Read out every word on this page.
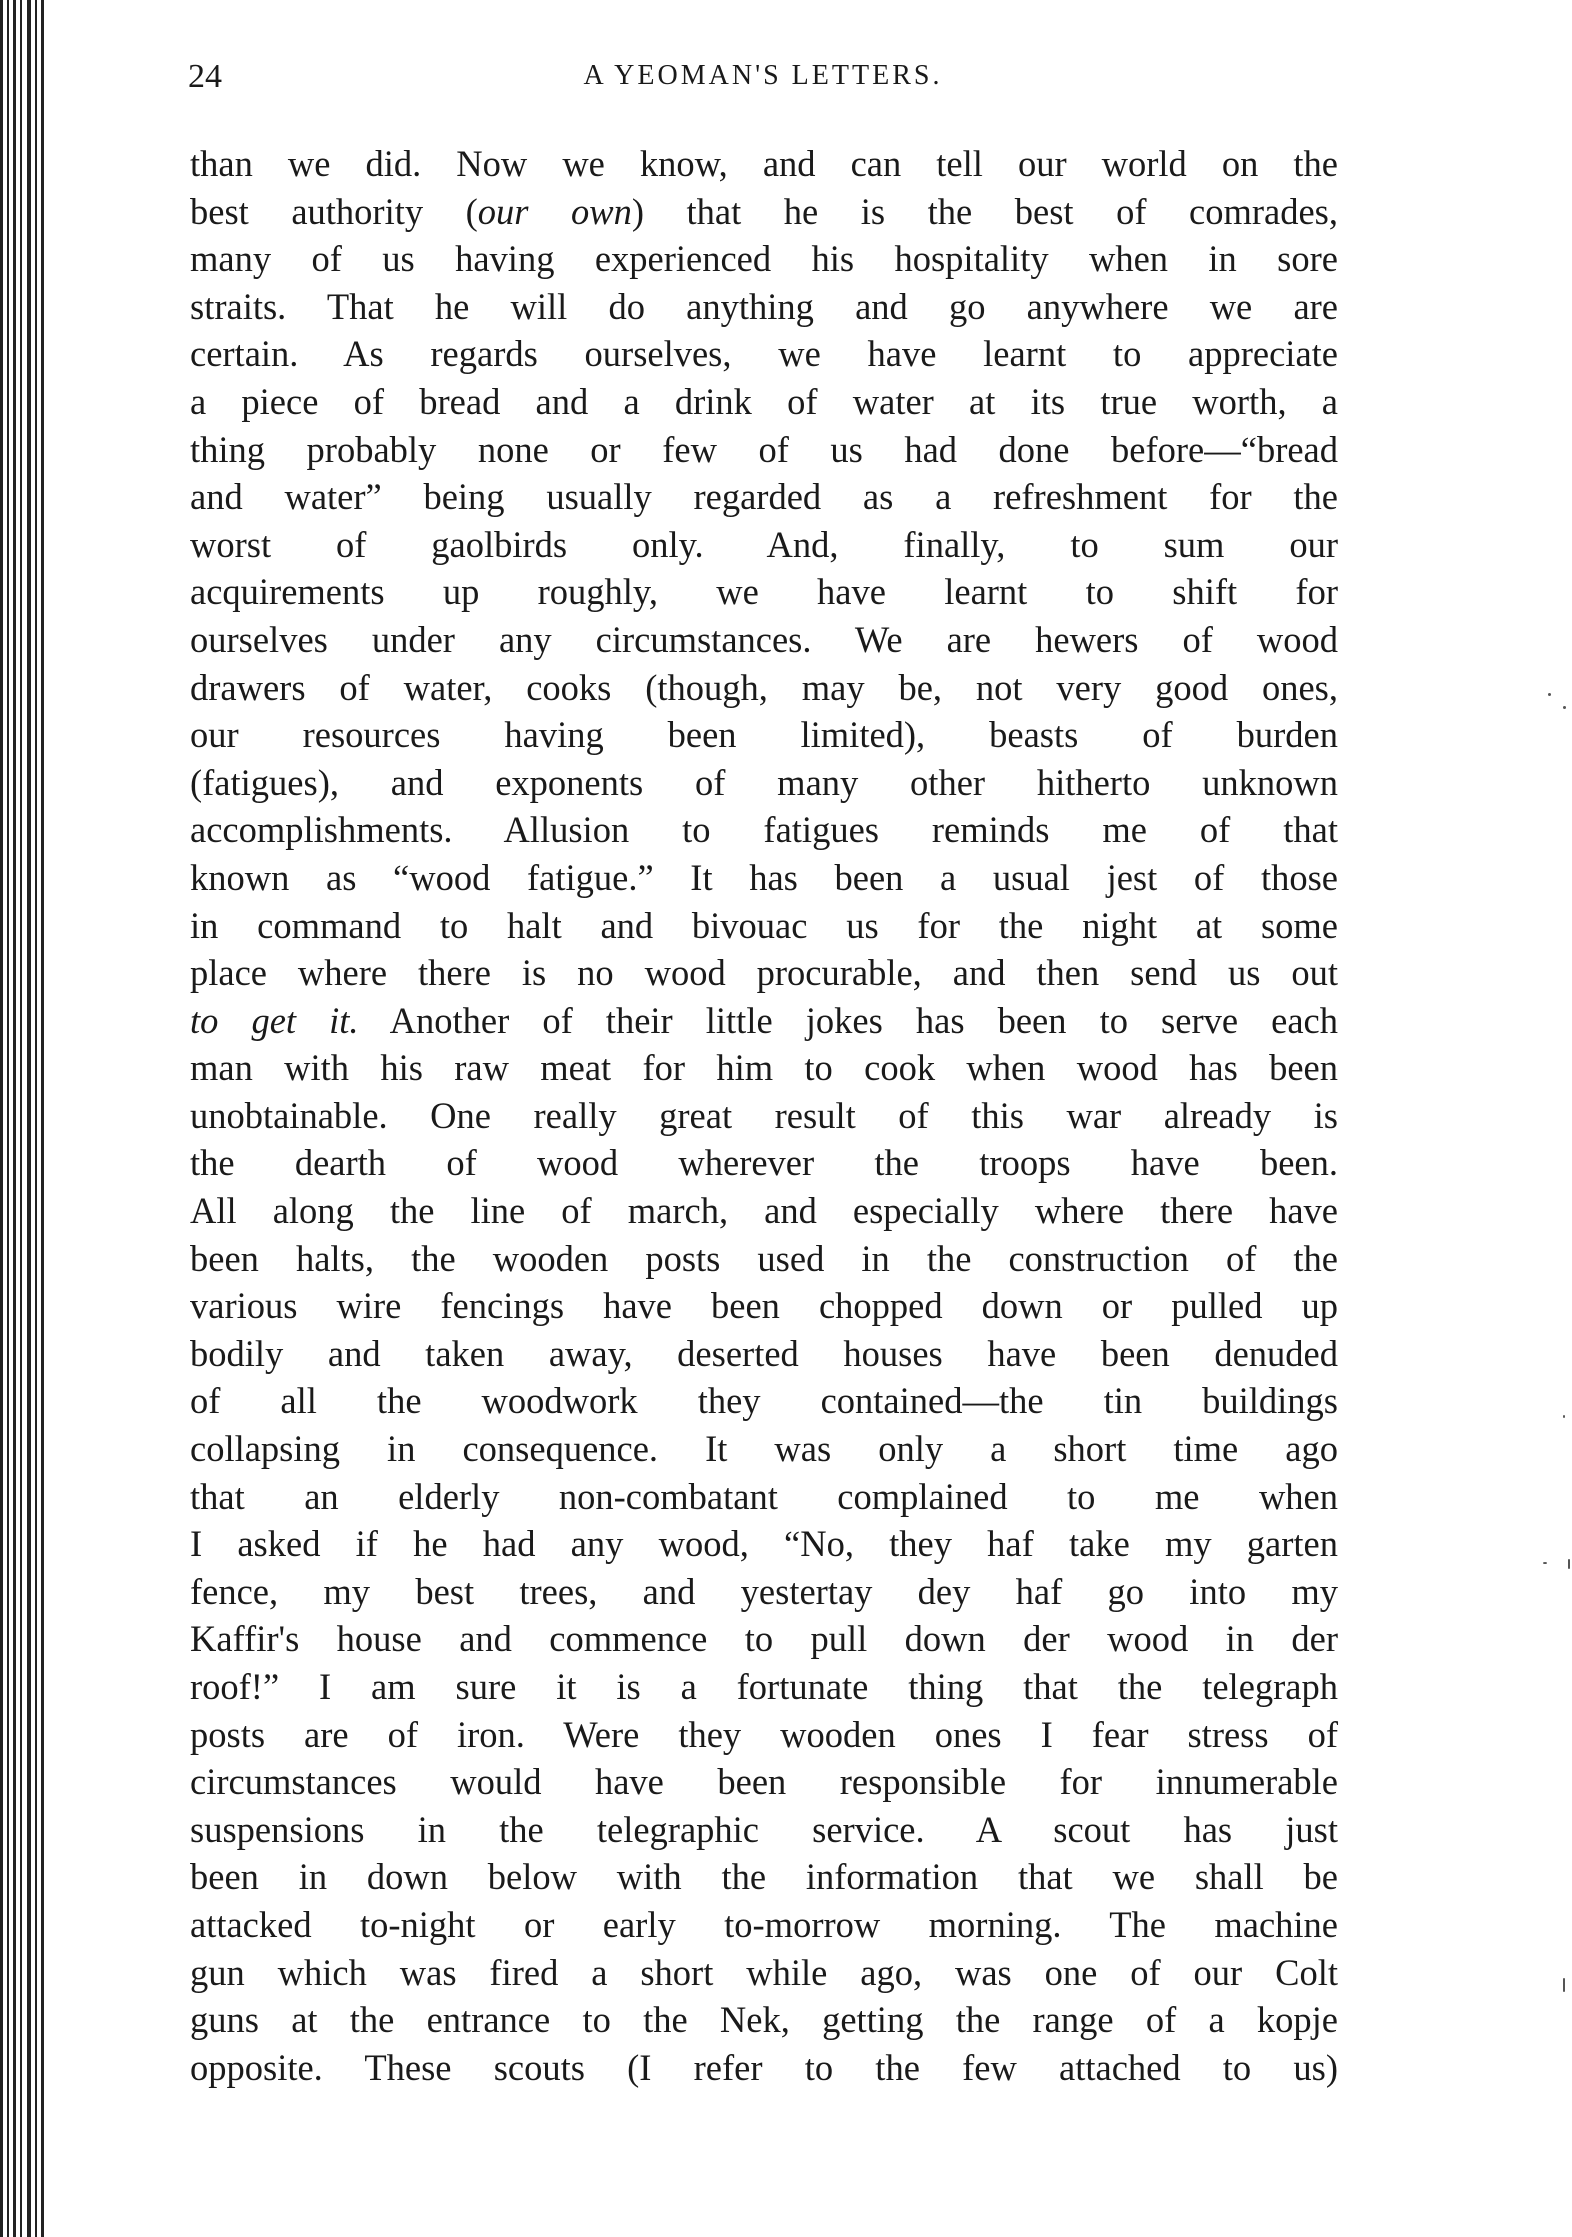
24	A YEOMAN'S LETTERS.
than we did. Now we know, and can tell our world on the
best authority (our own) that he is the best of comrades,
many of us having experienced his hospitality when in sore
straits. That he will do anything and go anywhere we are
certain. As regards ourselves, we have learnt to appreciate
a piece of bread and a drink of water at its true worth, a
thing probably none or few of us had done before—“bread
and water” being usually regarded as a refreshment for the
worst of gaolbirds only. And, finally, to sum our
acquirements up roughly, we have learnt to shift for
ourselves under any circumstances. We are hewers of wood
drawers of water, cooks (though, may be, not very good ones,
our resources having been limited), beasts of burden
(fatigues), and exponents of many other hitherto unknown
accomplishments. Allusion to fatigues reminds me of that
known as “wood fatigue.” It has been a usual jest of those
in command to halt and bivouac us for the night at some
place where there is no wood procurable, and then send us out
to get it. Another of their little jokes has been to serve each
man with his raw meat for him to cook when wood has been
unobtainable. One really great result of this war already is
the dearth of wood wherever the troops have been.
All along the line of march, and especially where there have
been halts, the wooden posts used in the construction of the
various wire fencings have been chopped down or pulled up
bodily and taken away, deserted houses have been denuded
of all the woodwork they contained—the tin buildings
collapsing in consequence. It was only a short time ago
that an elderly non-combatant complained to me when
I asked if he had any wood, “No, they haf take my garten
fence, my best trees, and yestertay dey haf go into my
Kaffir's house and commence to pull down der wood in der
roof!” I am sure it is a fortunate thing that the telegraph
posts are of iron. Were they wooden ones I fear stress of
circumstances would have been responsible for innumerable
suspensions in the telegraphic service. A scout has just
been in down below with the information that we shall be
attacked to-night or early to-morrow morning. The machine
gun which was fired a short while ago, was one of our Colt
guns at the entrance to the Nek, getting the range of a kopje
opposite. These scouts (I refer to the few attached to us)
